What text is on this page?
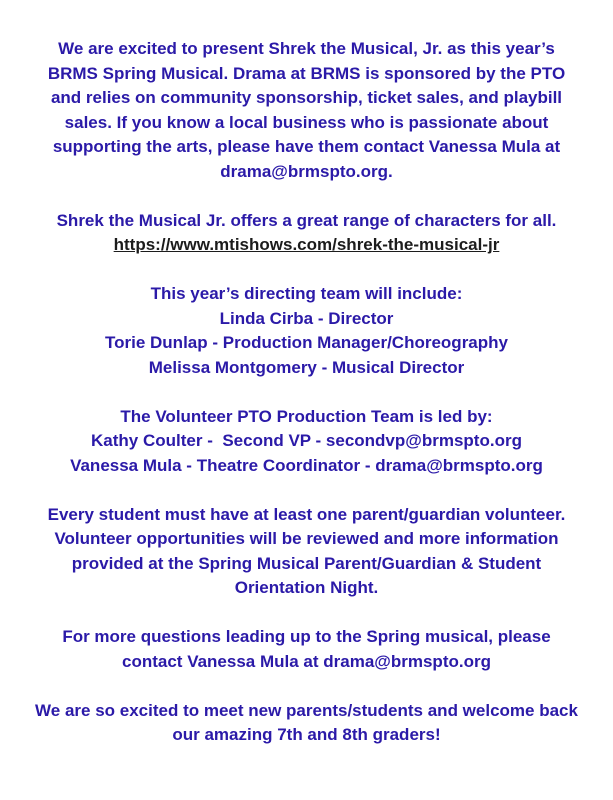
We are excited to present Shrek the Musical, Jr. as this year’s
BRMS Spring Musical. Drama at BRMS is sponsored by the PTO
and relies on community sponsorship, ticket sales, and playbill
sales. If you know a local business who is passionate about
supporting the arts, please have them contact Vanessa Mula at
drama@brmspto.org.

Shrek the Musical Jr. offers a great range of characters for all.
https://www.mtishows.com/shrek-the-musical-jr

This year’s directing team will include:
Linda Cirba - Director
Torie Dunlap - Production Manager/Choreography
Melissa Montgomery - Musical Director

The Volunteer PTO Production Team is led by:
Kathy Coulter -  Second VP - secondvp@brmspto.org
Vanessa Mula - Theatre Coordinator - drama@brmspto.org

Every student must have at least one parent/guardian volunteer.
Volunteer opportunities will be reviewed and more information
provided at the Spring Musical Parent/Guardian & Student
Orientation Night.

For more questions leading up to the Spring musical, please
contact Vanessa Mula at drama@brmspto.org

We are so excited to meet new parents/students and welcome back
our amazing 7th and 8th graders!
